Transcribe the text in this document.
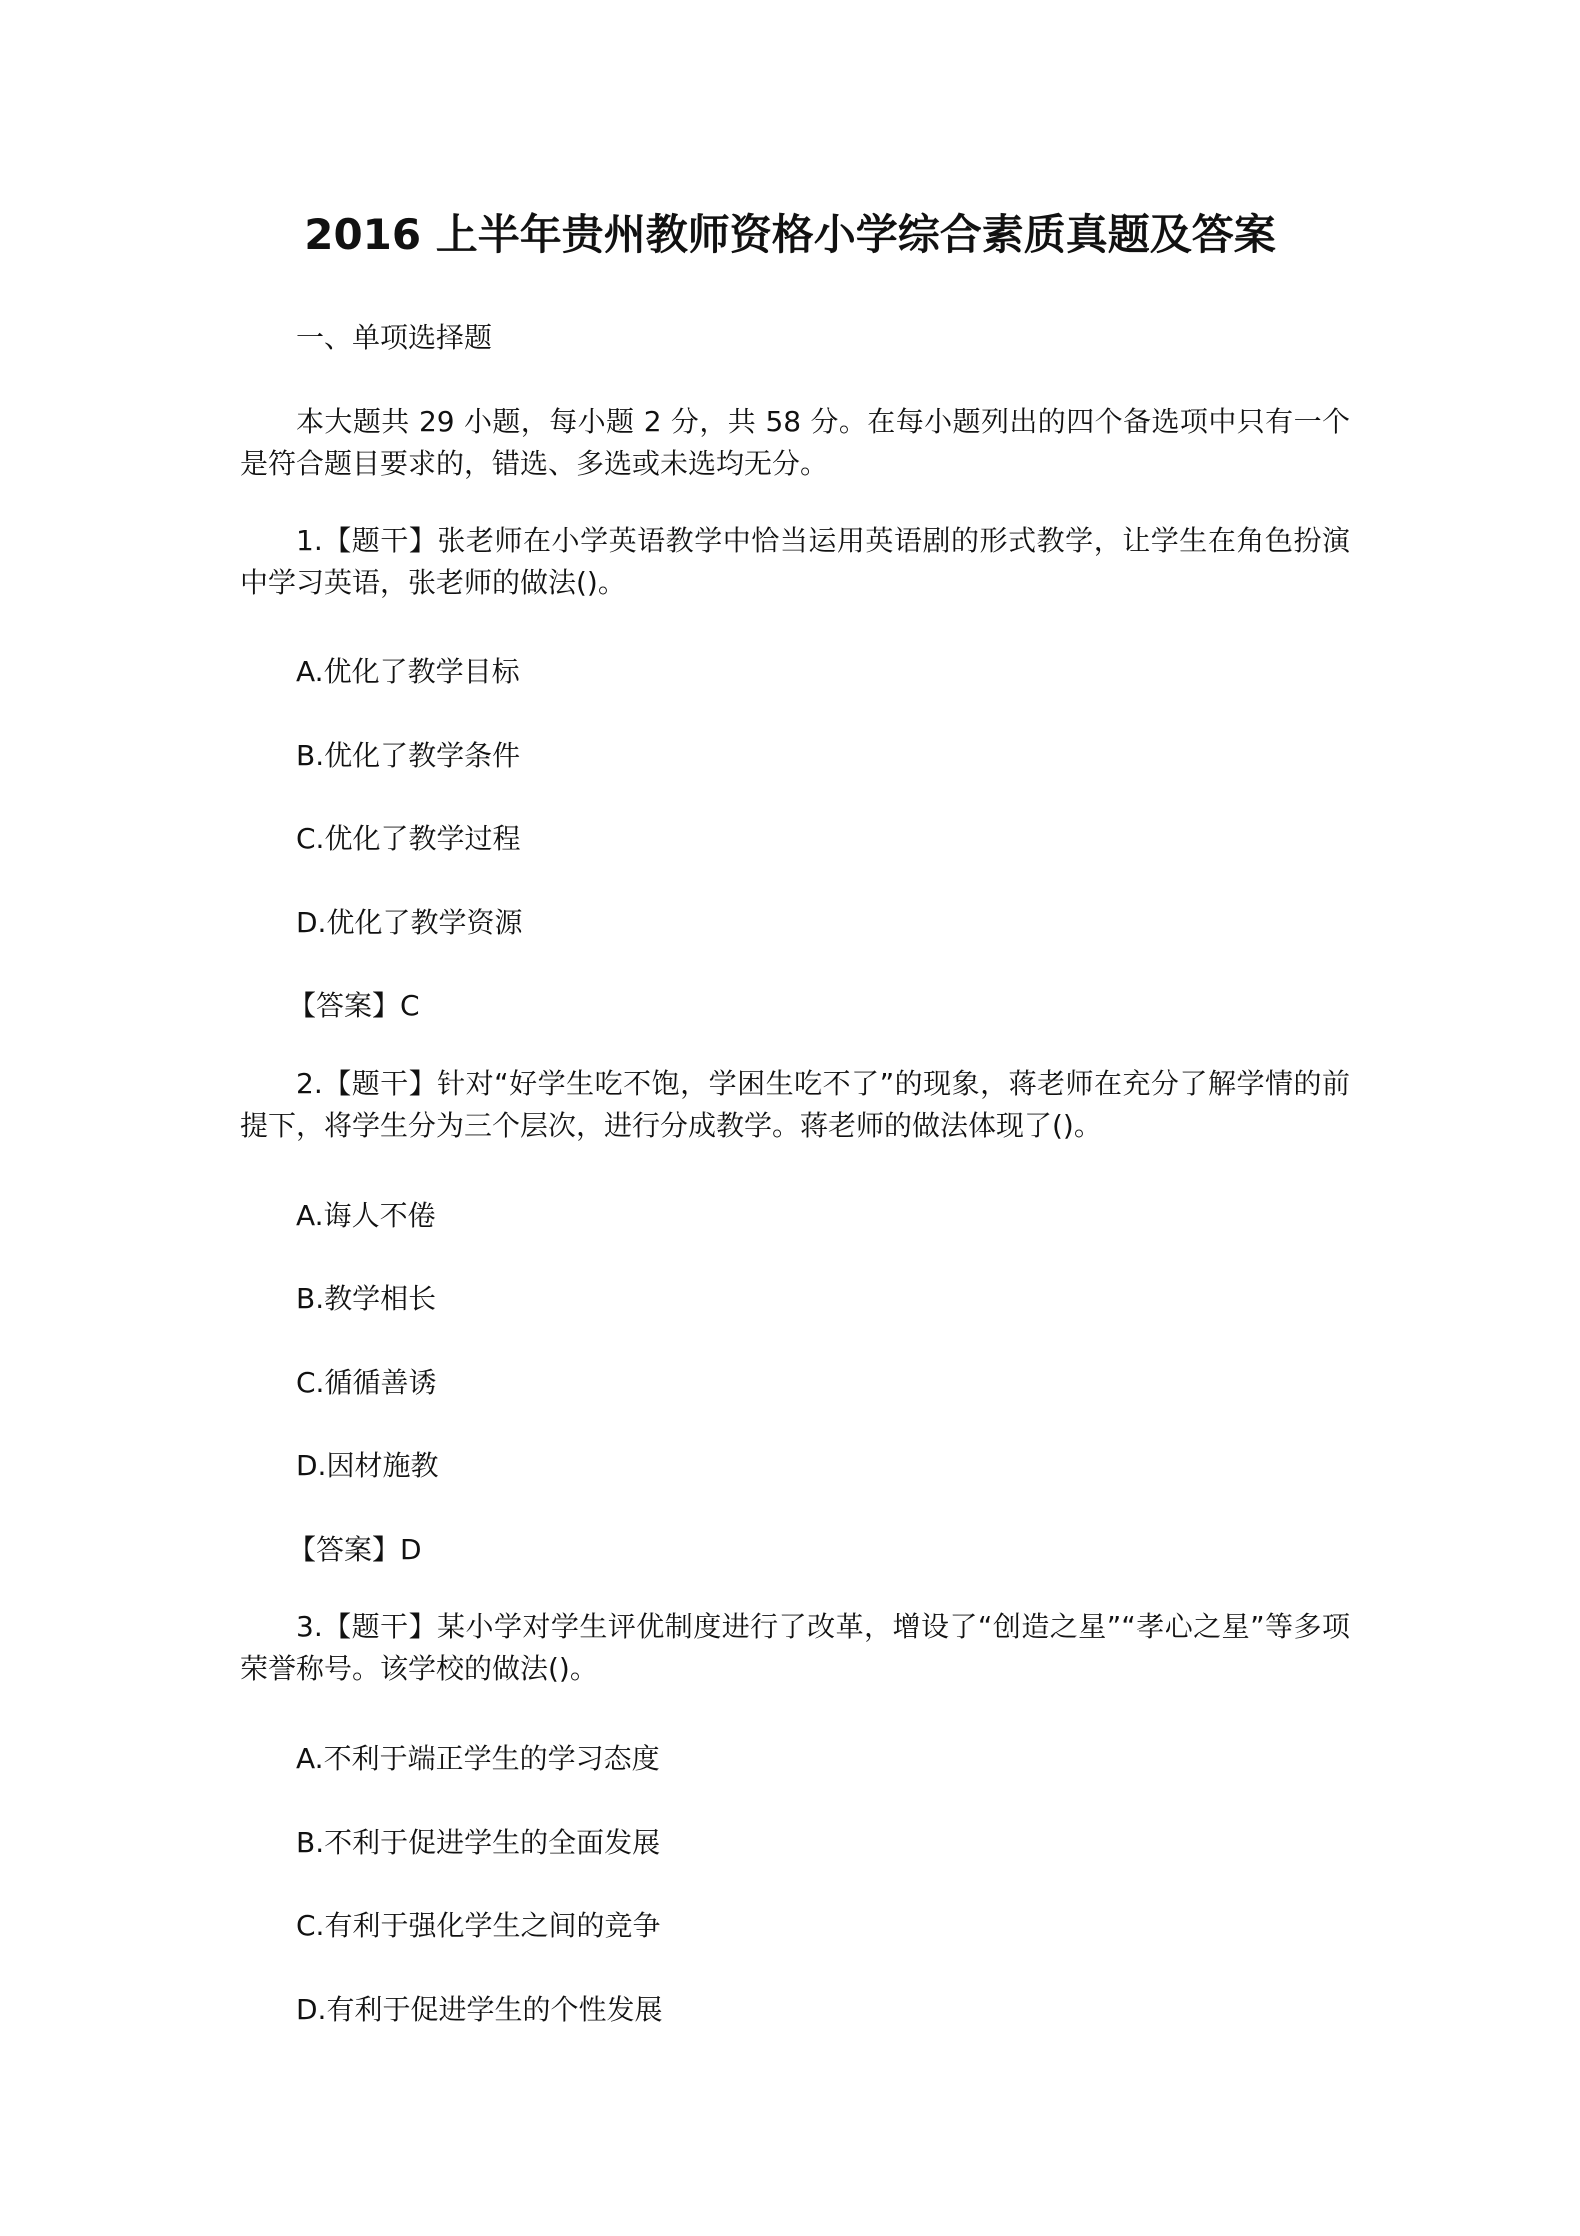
2016 上半年贵州教师资格小学综合素质真题及答案
一、单项选择题
本大题共 29 小题，每小题 2 分，共 58 分。在每小题列出的四个备选项中只有一个是符合题目要求的，错选、多选或未选均无分。
1.【题干】张老师在小学英语教学中恰当运用英语剧的形式教学，让学生在角色扮演中学习英语，张老师的做法()。
A.优化了教学目标
B.优化了教学条件
C.优化了教学过程
D.优化了教学资源
【答案】C
2.【题干】针对“好学生吃不饱，学困生吃不了”的现象，蒋老师在充分了解学情的前提下，将学生分为三个层次，进行分成教学。蒋老师的做法体现了()。
A.诲人不倦
B.教学相长
C.循循善诱
D.因材施教
【答案】D
3.【题干】某小学对学生评优制度进行了改革，增设了“创造之星”“孝心之星”等多项荣誉称号。该学校的做法()。
A.不利于端正学生的学习态度
B.不利于促进学生的全面发展
C.有利于强化学生之间的竞争
D.有利于促进学生的个性发展
